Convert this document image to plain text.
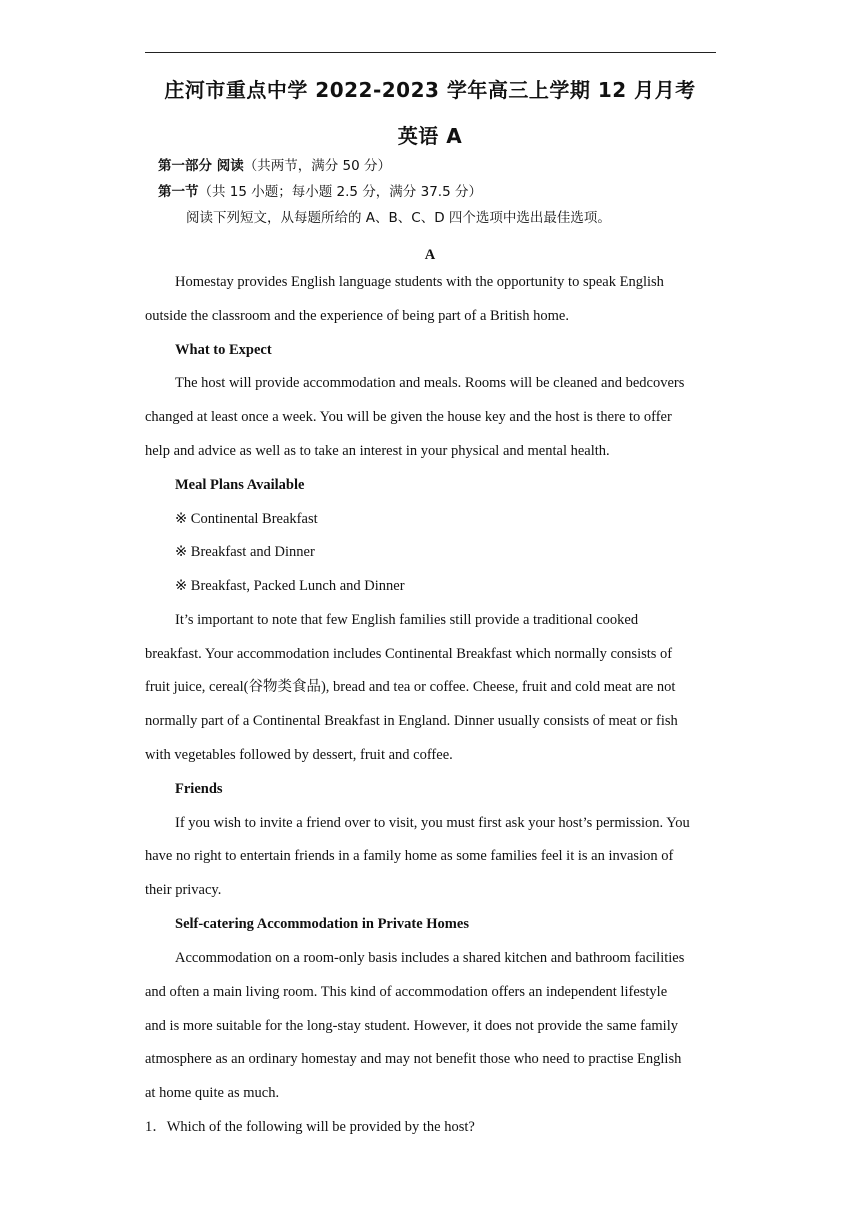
庄河市重点中学 2022-2023 学年高三上学期 12 月月考
英语 A
第一部分 阅读（共两节，满分 50 分）
第一节（共 15 小题；每小题 2.5 分，满分 37.5 分）
阅读下列短文，从每题所给的 A、B、C、D 四个选项中选出最佳选项。
A
Homestay provides English language students with the opportunity to speak English
outside the classroom and the experience of being part of a British home.
What to Expect
The host will provide accommodation and meals. Rooms will be cleaned and bedcovers
changed at least once a week. You will be given the house key and the host is there to offer
help and advice as well as to take an interest in your physical and mental health.
Meal Plans Available
※ Continental Breakfast
※ Breakfast and Dinner
※ Breakfast, Packed Lunch and Dinner
It’s important to note that few English families still provide a traditional cooked
breakfast. Your accommodation includes Continental Breakfast which normally consists of
fruit juice, cereal(谷物类食品), bread and tea or coffee. Cheese, fruit and cold meat are not
normally part of a Continental Breakfast in England. Dinner usually consists of meat or fish
with vegetables followed by dessert, fruit and coffee.
Friends
If you wish to invite a friend over to visit, you must first ask your host’s permission. You
have no right to entertain friends in a family home as some families feel it is an invasion of
their privacy.
Self-catering Accommodation in Private Homes
Accommodation on a room-only basis includes a shared kitchen and bathroom facilities
and often a main living room. This kind of accommodation offers an independent lifestyle
and is more suitable for the long-stay student. However, it does not provide the same family
atmosphere as an ordinary homestay and may not benefit those who need to practise English
at home quite as much.
1．Which of the following will be provided by the host?
